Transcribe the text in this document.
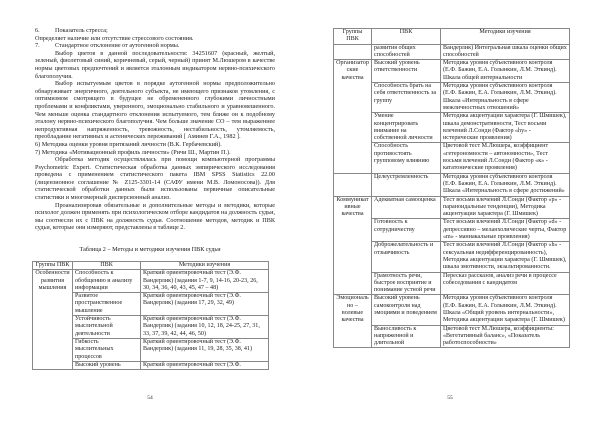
6. Показатель стресса;

Определяет наличие или отсутствие стрессового состояния.

7. Стандартное отклонение от аутогенной нормы.

Выбор цветов в данной последовательности: 34251607 (красный, желтый, зеленый, фиолетовый синий, коричневый, серый, черный) принят М.Люшером в качестве нормы цветовых предпочтений и является эталонным индикатором нервно-психического благополучия.

Выбор испытуемым цветов в порядке аутогенной нормы предположительно обнаруживает энергичного, деятельного субъекта, не имеющего признаков утомления, с оптимизмом смотрящего в будущее не обремененного глубокими личностными проблемами и конфликтами, уверенного, эмоционально стабильного и уравновешенного. Чем меньше оценка стандартного отклонения испытуемого, тем ближе он к подобному эталону нервно-психического благополучия. Чем больше значение СО – тем выраженнее непродуктивная напряженность, тревожность, нестабильность, утомляемость, преобладание негативных и астенических переживаний [ Аминев Г.А., 1982 ].

6) Методика оценки уровня притязаний личности (В.К. Гербачевский).

7) Методика «Мотивационный профиль личности» (Ричи Ш., Мартин П.).

Обработка методик осуществлялась при помощи компьютерной программы Psychometric Expert. Статистическая обработка данных эмпирического исследования проведена с применением статистического пакета IBM SPSS Statistics 22.00 (лицензионное соглашение № Z125-3301-14 (САФУ имени М.В. Ломоносова)). Для статистической обработки данных были использованы первичные описательные статистики и многомерный дисперсионный анализ.

Проанализировав обязательные и дополнительные методы и методики, которые психолог должен применять при психологическом отборе кандидатов на должность судьи, мы соотнесли их с ПВК на должность судьи. Соотношение методов, методик и ПВК судьи, которые они измеряют, представлены в таблице 2.

Таблица 2 – Методы и методики изучения ПВК судьи
Группы ПВК	ПВК	Методики изучения
Особенности развития мышления	Способность к обобщению и анализу информации	Краткий ориентировочный тест (Э.Ф. Вандерлик) (задания 1-7, 9, 14-16, 20-23, 26, 30, 34, 36, 40, 43, 45, 47 – 48)
	Развитое пространственное мышление	Краткий ориентировочный тест (Э.Ф. Вандерлик) (задания 17, 29, 32, 49)
	Устойчивость мыслительной деятельности	Краткий ориентировочный тест (Э.Ф. Вандерлик) (задания 10, 12, 18, 24-25, 27, 31, 33, 37, 39, 42, 44, 46, 50)
	Гибкость мыслительных процессов	Краткий ориентировочный тест (Э.Ф. Вандерлик) (задания 11, 19, 28, 35, 38, 41)
	Высокий уровень	Краткий ориентировочный тест (Э.Ф.
54
Группы ПВК	ПВК	Методики изучения
	развития общих способностей	Вандерлик) Интегральная шкала оценки общих способностей
Организаторские качества	Высокий уровень ответственности	Методика уровня субъективного контроля (Е.Ф. Бажин, Е.А. Голынкин, Л.М. Эткинд). Шкала общей интернальности
	Способность брать на себя ответственность за группу	Методика уровня субъективного контроля (Е.Ф. Бажин, Е.А. Голынкин, Л.М. Эткинд). Шкала «Интернальность в сфере межличностных отношений»
	Умение концентрировать внимание на собственной личности	Методика акцентуации характера (Г. Шмишек), шкала демонстративности, Тест восьми влечений Л.Сонди (Фактор «hy» - истерические проявления)
	Способность противостоять групповому влиянию	Цветовой тест М.Люшера, коэффициент «гетерономности – автономности», Тест восьми влечений Л.Сонди (Фактор «к» - кататонические проявления)
	Целеустремленность	Методика уровня субъективного контроля (Е.Ф. Бажин, Е.А. Голынкин, Л.М. Эткинд). Шкала «Интернальность в сфере достижений»
Коммуникативные качества	Адекватная самооценка	Тест восьми влечений Л.Сонди (Фактор «p» - параноидальные тенденции), Методика акцентуации характера (Г. Шмишек)
	Готовность к сотрудничеству	Тест восьми влечений Л.Сонди (Фактор «d» - депрессивно – меланхолические черты, Фактор «m» - маниакальные проявления)
	Доброжелательность и отзывчивость	Тест восьми влечений Л.Сонди (Фактор «h» - сексуальная недифференцированность), Методика акцентуации характера (Г. Шмишек), шкала эмотивности, экзальтированности.
	Грамотность речи, быстрое восприятие и понимание устной речи	Пересказ рассказов, анализ речи в процессе собеседования с кандидатом
Эмоционально – волевые качества	Высокий уровень самоконтроля над эмоциями и поведением	Методика уровня субъективного контроля (Е.Ф. Бажин, Е.А. Голынкин, Л.М. Эткинд). Шкала «Общий уровень интернальности», Методика акцентуации характера (Г. Шмишек)
	Выносливость к напряженной и длительной	Цветовой тест М.Люшера, коэффициенты: «Вегетативный баланс», «Показатель работоспособности»
55
